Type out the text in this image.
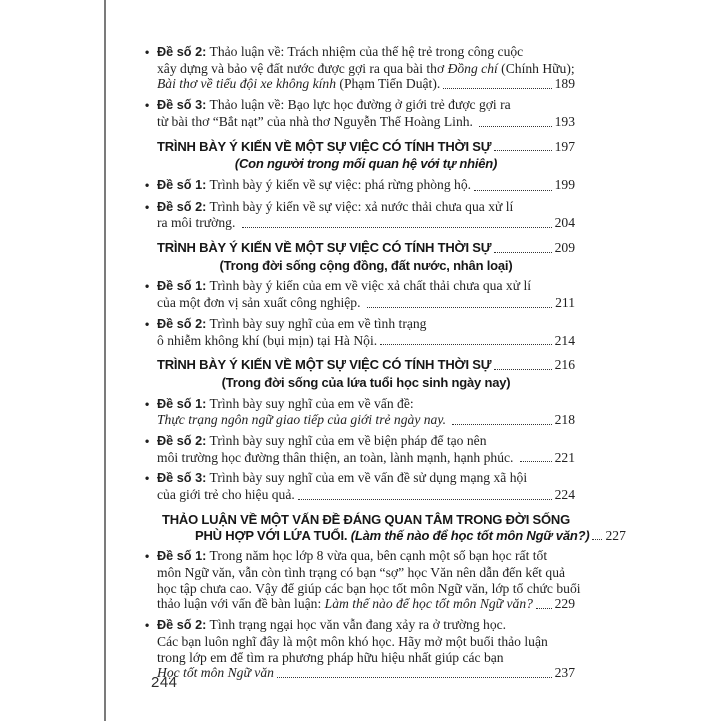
• Đề số 2: Thảo luận về: Trách nhiệm của thế hệ trẻ trong công cuộc
xây dựng và bảo vệ đất nước được gợi ra qua bài thơ Đồng chí (Chính Hữu);
Bài thơ về tiểu đội xe không kính (Phạm Tiến Duật).	189
• Đề số 3: Thảo luận về: Bạo lực học đường ở giới trẻ được gợi ra
từ bài thơ “Bắt nạt” của nhà thơ Nguyễn Thế Hoàng Linh.	193
TRÌNH BÀY Ý KIẾN VỀ MỘT SỰ VIỆC CÓ TÍNH THỜI SỰ	197
(Con người trong mối quan hệ với tự nhiên)
• Đề số 1: Trình bày ý kiến về sự việc: phá rừng phòng hộ.	199
• Đề số 2: Trình bày ý kiến về sự việc: xả nước thải chưa qua xử lí
ra môi trường.	204
TRÌNH BÀY Ý KIẾN VỀ MỘT SỰ VIỆC CÓ TÍNH THỜI SỰ	209
(Trong đời sống cộng đồng, đất nước, nhân loại)
• Đề số 1: Trình bày ý kiến của em về việc xả chất thải chưa qua xử lí
của một đơn vị sản xuất công nghiệp.	211
• Đề số 2: Trình bày suy nghĩ của em về tình trạng
ô nhiễm không khí (bụi mịn) tại Hà Nội.	214
TRÌNH BÀY Ý KIẾN VỀ MỘT SỰ VIỆC CÓ TÍNH THỜI SỰ	216
(Trong đời sống của lứa tuổi học sinh ngày nay)
• Đề số 1: Trình bày suy nghĩ của em về vấn đề:
Thực trạng ngôn ngữ giao tiếp của giới trẻ ngày nay.	218
• Đề số 2: Trình bày suy nghĩ của em về biện pháp để tạo nên
môi trường học đường thân thiện, an toàn, lành mạnh, hạnh phúc.	221
• Đề số 3: Trình bày suy nghĩ của em về vấn đề sử dụng mạng xã hội
của giới trẻ cho hiệu quả.	224
THẢO LUẬN VỀ MỘT VẤN ĐỀ ĐÁNG QUAN TÂM TRONG ĐỜI SỐNG
PHÙ HỢP VỚI LỨA TUỔI. (Làm thế nào để học tốt môn Ngữ văn?) 227
• Đề số 1: Trong năm học lớp 8 vừa qua, bên cạnh một số bạn học rất tốt
môn Ngữ văn, vẫn còn tình trạng có bạn “sợ” học Văn nên dẫn đến kết quả
học tập chưa cao. Vậy để giúp các bạn học tốt môn Ngữ văn, lớp tổ chức buổi
thảo luận với vấn đề bàn luận: Làm thế nào để học tốt môn Ngữ văn? 229
• Đề số 2: Tình trạng ngại học văn vẫn đang xảy ra ở trường học.
Các bạn luôn nghĩ đây là một môn khó học. Hãy mở một buổi thảo luận
trong lớp em để tìm ra phương pháp hữu hiệu nhất giúp các bạn
Học tốt môn Ngữ văn	237
244
